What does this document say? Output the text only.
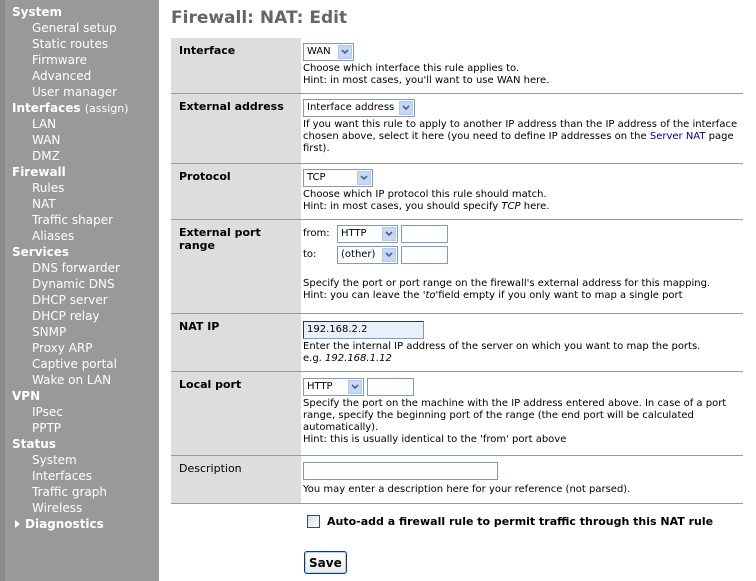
System
General setup
Static routes
Firmware
Advanced
User manager
Interfaces (assign)
LAN
WAN
DMZ
Firewall
Rules
NAT
Traffic shaper
Aliases
Services
DNS forwarder
Dynamic DNS
DHCP server
DHCP relay
SNMP
Proxy ARP
Captive portal
Wake on LAN
VPN
IPsec
PPTP
Status
System
Interfaces
Traffic graph
Wireless
Diagnostics
Firewall: NAT: Edit
Interface	WAN
Choose which interface this rule applies to.
Hint: in most cases, you'll want to use WAN here.
External address	Interface address
If you want this rule to apply to another IP address than the IP address of the interface chosen above, select it here (you need to define IP addresses on the Server NAT page first).
Protocol	TCP
Choose which IP protocol this rule should match.
Hint: in most cases, you should specify TCP here.
External port range
from:	HTTP
to:	(other)
Specify the port or port range on the firewall's external address for this mapping.
Hint: you can leave the 'to'field empty if you only want to map a single port
NAT IP	192.168.2.2
Enter the internal IP address of the server on which you want to map the ports.
e.g. 192.168.1.12
Local port	HTTP
Specify the port on the machine with the IP address entered above. In case of a port range, specify the beginning port of the range (the end port will be calculated automatically).
Hint: this is usually identical to the 'from' port above
Description
You may enter a description here for your reference (not parsed).
Auto-add a firewall rule to permit traffic through this NAT rule
Save
